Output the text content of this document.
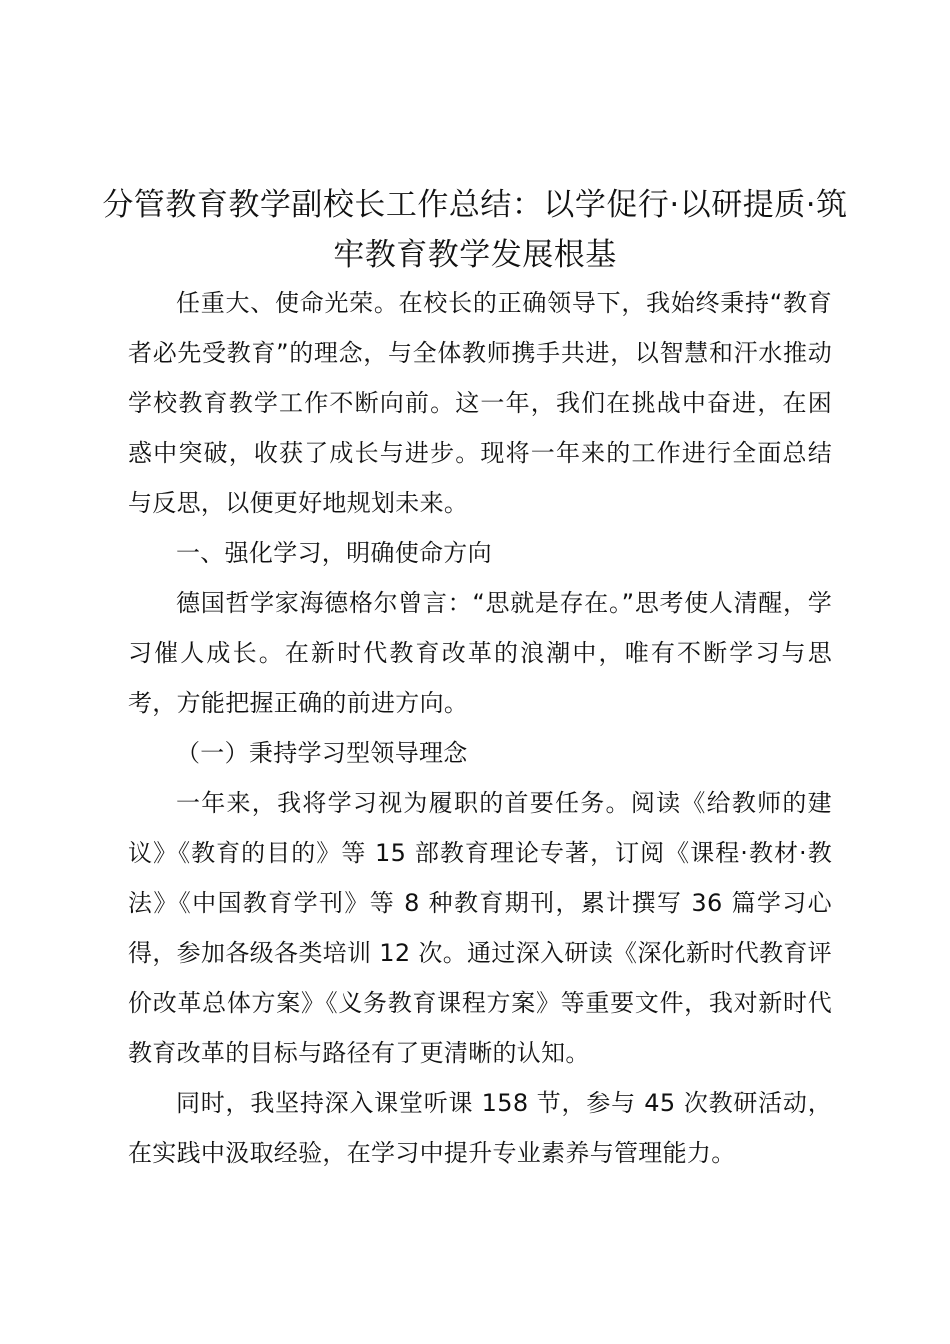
分管教育教学副校长工作总结：以学促行·以研提质·筑牢教育教学发展根基

任重大、使命光荣。在校长的正确领导下，我始终秉持“教育者必先受教育”的理念，与全体教师携手共进，以智慧和汗水推动学校教育教学工作不断向前。这一年，我们在挑战中奋进，在困惑中突破，收获了成长与进步。现将一年来的工作进行全面总结与反思，以便更好地规划未来。

一、强化学习，明确使命方向

德国哲学家海德格尔曾言：“思就是存在。”思考使人清醒，学习催人成长。在新时代教育改革的浪潮中，唯有不断学习与思考，方能把握正确的前进方向。

（一）秉持学习型领导理念

一年来，我将学习视为履职的首要任务。阅读《给教师的建议》《教育的目的》等 15 部教育理论专著，订阅《课程·教材·教法》《中国教育学刊》等 8 种教育期刊，累计撰写 36 篇学习心得，参加各级各类培训 12 次。通过深入研读《深化新时代教育评价改革总体方案》《义务教育课程方案》等重要文件，我对新时代教育改革的目标与路径有了更清晰的认知。

同时，我坚持深入课堂听课 158 节，参与 45 次教研活动，在实践中汲取经验，在学习中提升专业素养与管理能力。
